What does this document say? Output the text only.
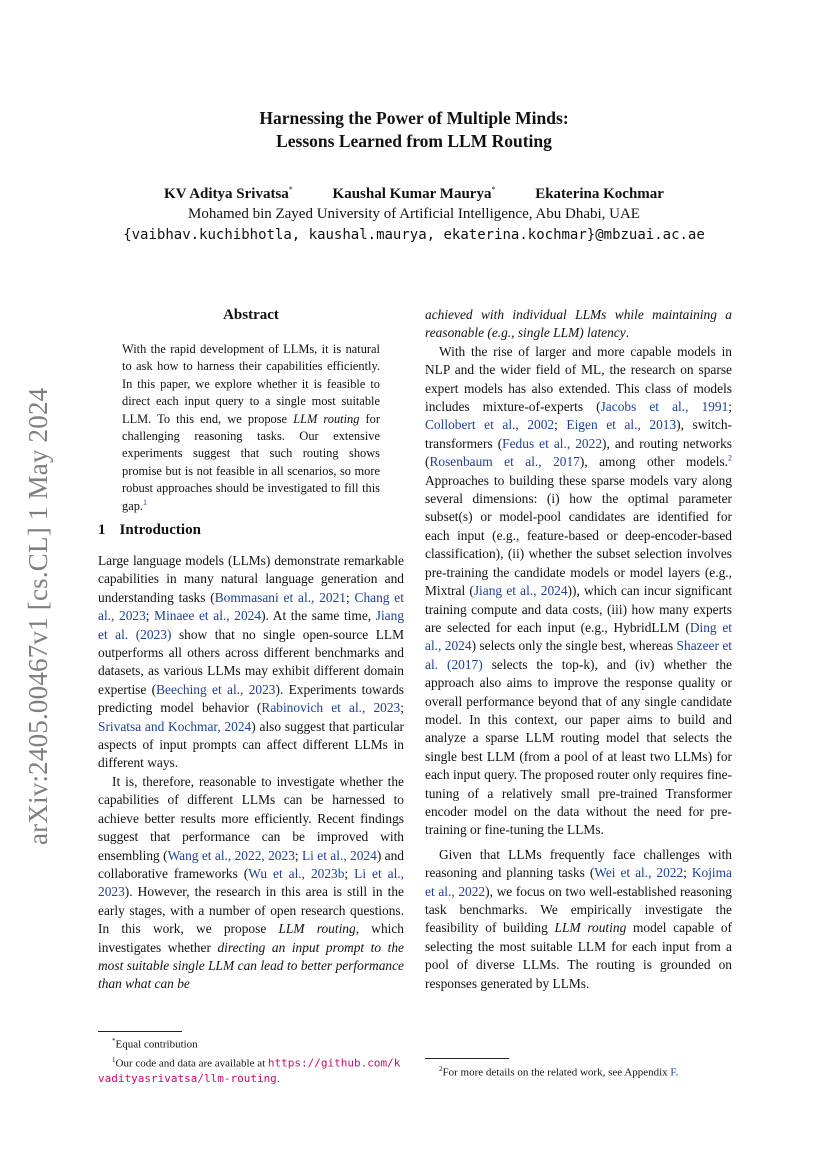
arXiv:2405.00467v1 [cs.CL] 1 May 2024
Harnessing the Power of Multiple Minds:
Lessons Learned from LLM Routing
KV Aditya Srivatsa*	Kaushal Kumar Maurya*	Ekaterina Kochmar
Mohamed bin Zayed University of Artificial Intelligence, Abu Dhabi, UAE
{vaibhav.kuchibhotla, kaushal.maurya, ekaterina.kochmar}@mbzuai.ac.ae
Abstract

With the rapid development of LLMs, it is natural to ask how to harness their capabilities efficiently. In this paper, we explore whether it is feasible to direct each input query to a single most suitable LLM. To this end, we propose LLM routing for challenging reasoning tasks. Our extensive experiments suggest that such routing shows promise but is not feasible in all scenarios, so more robust approaches should be investigated to fill this gap.$^1$

1 Introduction

Large language models (LLMs) demonstrate remarkable capabilities in many natural language generation and understanding tasks (Bommasani et al., 2021; Chang et al., 2023; Minaee et al., 2024). At the same time, Jiang et al. (2023) show that no single open-source LLM outperforms all others across different benchmarks and datasets, as various LLMs may exhibit different domain expertise (Beeching et al., 2023). Experiments towards predicting model behavior (Rabinovich et al., 2023; Srivatsa and Kochmar, 2024) also suggest that particular aspects of input prompts can affect different LLMs in different ways.

It is, therefore, reasonable to investigate whether the capabilities of different LLMs can be harnessed to achieve better results more efficiently. Recent findings suggest that performance can be improved with ensembling (Wang et al., 2022, 2023; Li et al., 2024) and collaborative frameworks (Wu et al., 2023b; Li et al., 2023). However, the research in this area is still in the early stages, with a number of open research questions. In this work, we propose LLM routing, which investigates whether directing an input prompt to the most suitable single LLM can lead to better performance than what can be

*Equal contribution
$^1$Our code and data are available at https://github.com/kvadityasrivatsa/llm-routing.

achieved with individual LLMs while maintaining a reasonable (e.g., single LLM) latency.

With the rise of larger and more capable models in NLP and the wider field of ML, the research on sparse expert models has also extended. This class of models includes mixture-of-experts (Jacobs et al., 1991; Collobert et al., 2002; Eigen et al., 2013), switch-transformers (Fedus et al., 2022), and routing networks (Rosenbaum et al., 2017), among other models.$^2$ Approaches to building these sparse models vary along several dimensions: (i) how the optimal parameter subset(s) or model-pool candidates are identified for each input (e.g., feature-based or deep-encoder-based classification), (ii) whether the subset selection involves pre-training the candidate models or model layers (e.g., Mixtral (Jiang et al., 2024)), which can incur significant training compute and data costs, (iii) how many experts are selected for each input (e.g., HybridLLM (Ding et al., 2024) selects only the single best, whereas Shazeer et al. (2017) selects the top-k), and (iv) whether the approach also aims to improve the response quality or overall performance beyond that of any single candidate model. In this context, our paper aims to build and analyze a sparse LLM routing model that selects the single best LLM (from a pool of at least two LLMs) for each input query. The proposed router only requires fine-tuning of a relatively small pre-trained Transformer encoder model on the data without the need for pre-training or fine-tuning the LLMs.

Given that LLMs frequently face challenges with reasoning and planning tasks (Wei et al., 2022; Kojima et al., 2022), we focus on two well-established reasoning task benchmarks. We empirically investigate the feasibility of building LLM routing model capable of selecting the most suitable LLM for each input from a pool of diverse LLMs. The routing is grounded on responses generated by LLMs.

$^2$For more details on the related work, see Appendix F.
